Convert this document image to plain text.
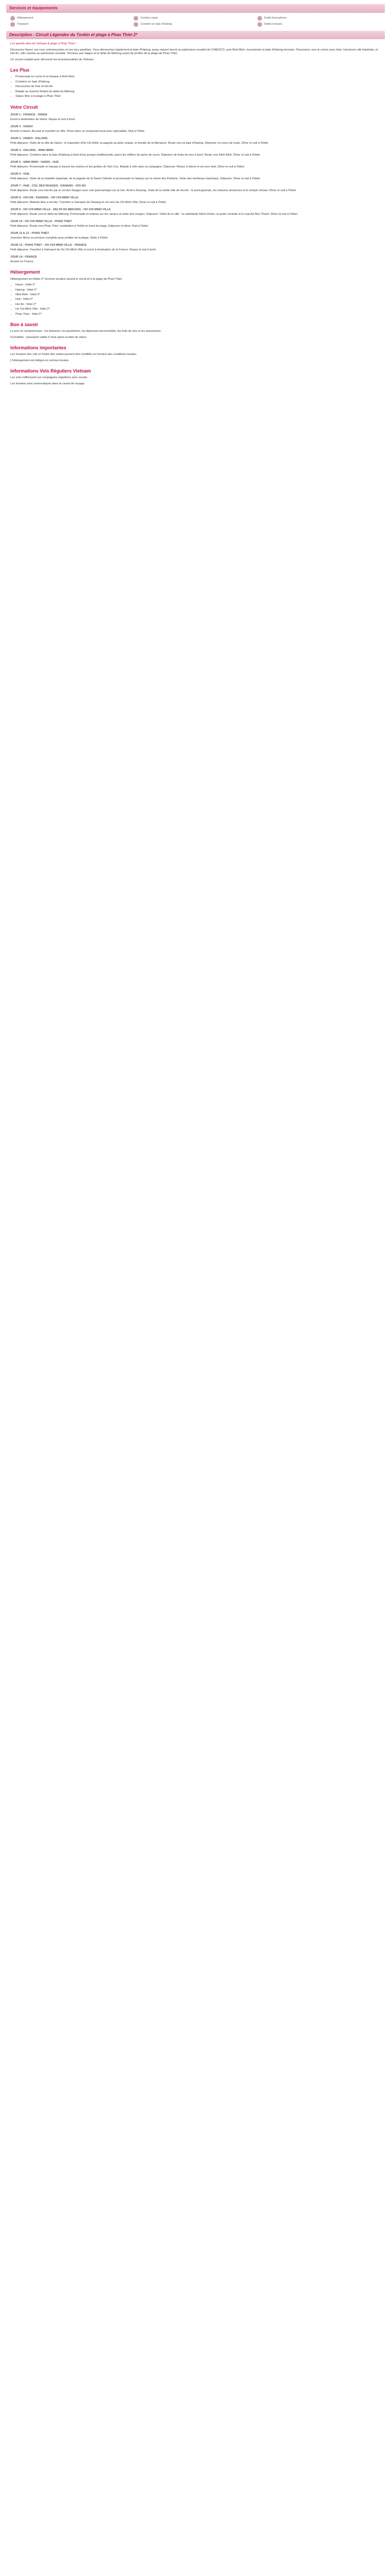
Services et équipements
Hébergement	Certains repas	Guide francophone
Transport	Croisière en baie d'Halong	Visites incluses
Description - Circuit Légendes du Tonkin et plage à Phan Thiet 2*

Les grands sites du Vietnam & plage à Phan Thiet !

Découvrez Hanoi, ses rues commerçantes et ses lacs paisibles. Vous découvrirez également la baie d'Halong, joyau naturel inscrit au patrimoine mondial de l'UNESCO, puis Ninh Binh, surnommée la baie d'Halong terrestre. Poursuivez vers le centre avec Hué, l'ancienne cité impériale, et Hoi An, ville classée au patrimoine mondial. Terminez par Saigon et le delta du Mékong avant de profiter de la plage de Phan Thiet.

Un circuit complet pour découvrir les incontournables du Vietnam.

Les Plus
• Promenade en cyclo et en barque à Ninh Binh
• Croisière en baie d'Halong
• Découverte de Hué et Hoi An
• Balade au marché flottant du delta du Mékong
• Séjour libre à la plage à Phan Thiet
Votre Circuit
JOUR 1 : FRANCE - HANOI

Envol à destination de Hanoi. Repas et nuit à bord.

JOUR 2 : HANOI

Arrivée à Hanoi. Accueil et transfert en ville. Dîner dans un restaurant local avec spécialités. Nuit à l'hôtel.

JOUR 3 : HANOI - HALONG

Petit déjeuner. Visite de la ville de Hanoi : le mausolée d'Ho Chi Minh, la pagode au pilier unique, le temple de la littérature. Route vers la baie d'Halong. Déjeuner en cours de route. Dîner et nuit à l'hôtel.

JOUR 4 : HALONG - NINH BINH

Petit déjeuner. Croisière dans la baie d'Halong à bord d'une jonque traditionnelle, parmi les milliers de pains de sucre. Déjeuner de fruits de mer à bord. Route vers Ninh Binh. Dîner et nuit à l'hôtel.

JOUR 5 : NINH BINH - HANOI - HUE

Petit déjeuner. Promenade en barque à travers les rizières et les grottes de Tam Coc. Balade à vélo dans la campagne. Déjeuner. Retour à Hanoi et vol vers Hué. Dîner et nuit à l'hôtel.

JOUR 6 : HUE

Petit déjeuner. Visite de la citadelle impériale, de la pagode de la Dame Céleste et promenade en bateau sur la rivière des Parfums. Visite des tombeaux impériaux. Déjeuner. Dîner et nuit à l'hôtel.

JOUR 7 : HUE - COL DES NUAGES - DANANG - HOI AN

Petit déjeuner. Route vers Hoi An par le col des Nuages avec vue panoramique sur la mer. Arrêt à Danang. Visite de la vieille ville de Hoi An : le pont japonais, les maisons anciennes et le temple chinois. Dîner et nuit à l'hôtel.

JOUR 8 : HOI AN - DANANG - HO CHI MINH VILLE

Petit déjeuner. Matinée libre à Hoi An. Transfert à l'aéroport de Danang et vol vers Ho Chi Minh Ville. Dîner et nuit à l'hôtel.

JOUR 9 : HO CHI MINH VILLE - DELTA DU MEKONG - HO CHI MINH VILLE

Petit déjeuner. Route vers le delta du Mékong. Promenade en bateau sur les canaux et visite des vergers. Déjeuner. Visite de la ville : la cathédrale Notre-Dame, la poste centrale et le marché Ben Thanh. Dîner et nuit à l'hôtel.

JOUR 10 : HO CHI MINH VILLE - PHAN THIET

Petit déjeuner. Route vers Phan Thiet. Installation à l'hôtel en bord de plage. Déjeuner et dîner. Nuit à l'hôtel.

JOUR 11 & 12 : PHAN THIET

Journées libres en pension complète pour profiter de la plage. Nuits à l'hôtel.

JOUR 13 : PHAN THIET - HO CHI MINH VILLE - FRANCE

Petit déjeuner. Transfert à l'aéroport de Ho Chi Minh Ville et envol à destination de la France. Repas et nuit à bord.

JOUR 14 : FRANCE

Arrivée en France.

Hébergement

Hébergement en hôtels 2* (normes locales) durant le circuit et à la plage de Phan Thiet.

• Hanoi : hôtel 2*
• Halong : hôtel 2*
• Ninh Binh : hôtel 2*
• Hué : hôtel 2*
• Hoi An : hôtel 2*
• Ho Chi Minh Ville : hôtel 2*
• Phan Thiet : hôtel 2*
Bon à savoir

Le prix ne comprend pas : les boissons, les pourboires, les dépenses personnelles, les frais de visa et les assurances.

Formalités : passeport valide 6 mois après la date de retour.

Informations importantes

Les horaires des vols et l'ordre des visites peuvent être modifiés en fonction des conditions locales.

L'hébergement est indiqué en normes locales.

Informations Vols Réguliers Vietnam

Les vols s'effectuent sur compagnies régulières avec escale.

Les horaires sont communiqués dans le carnet de voyage.
